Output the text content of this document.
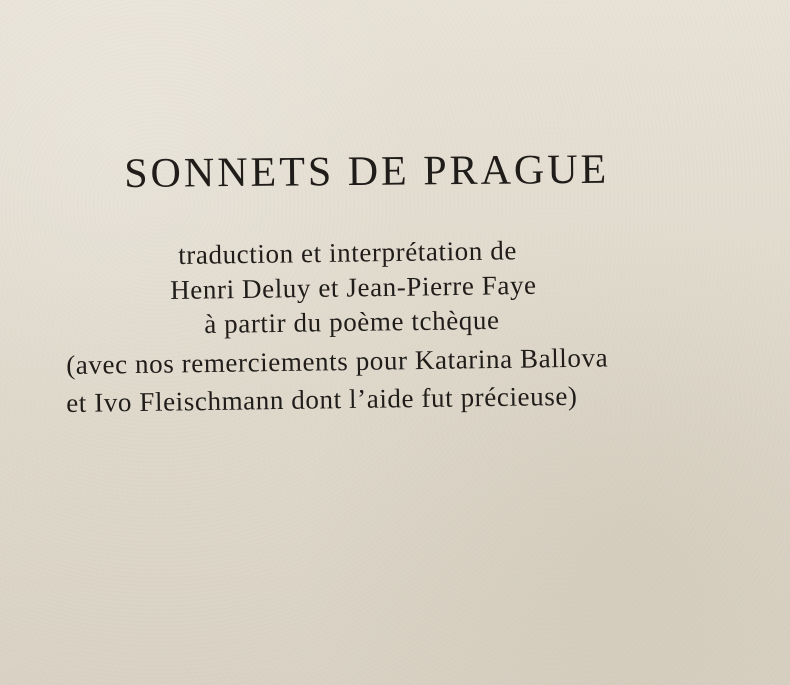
SONNETS DE PRAGUE
traduction et interprétation de
Henri Deluy et Jean-Pierre Faye
à partir du poème tchèque
(avec nos remerciements pour Katarina Ballova
et Ivo Fleischmann dont l’aide fut précieuse)
